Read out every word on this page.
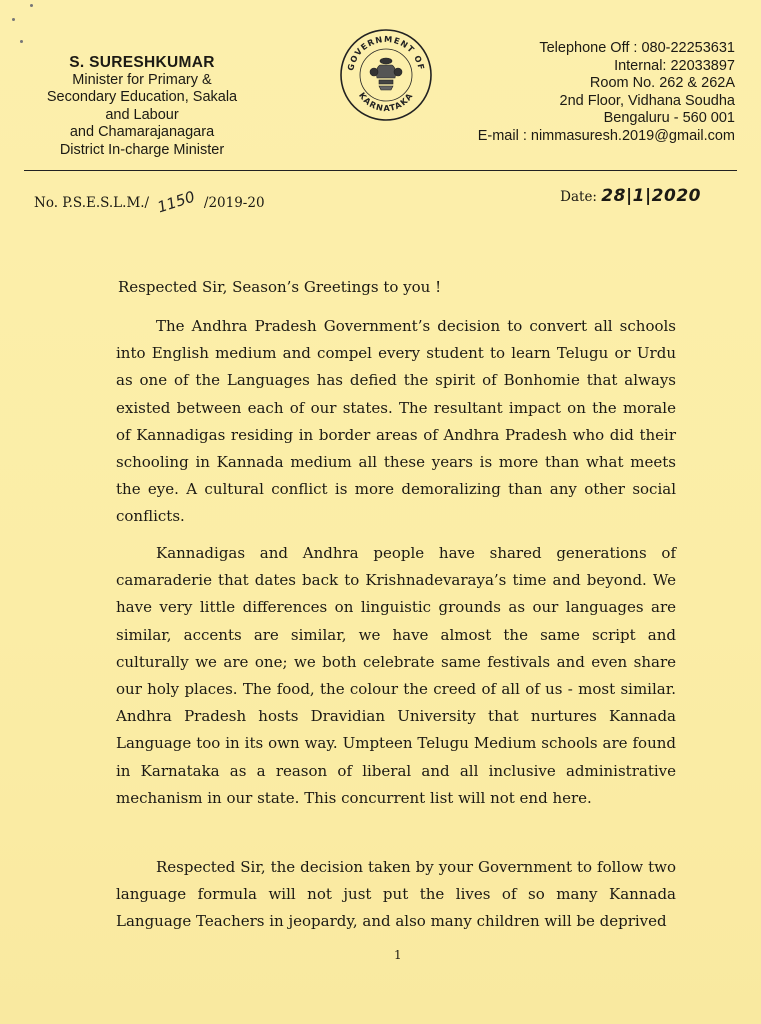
S. SURESHKUMAR
Minister for Primary &
Secondary Education, Sakala
and Labour
and Chamarajanagara
District In-charge Minister
GOVERNMENT OF
KARNATAKA
Telephone Off : 080-22253631
Internal: 22033897
Room No. 262 & 262A
2nd Floor, Vidhana Soudha
Bengaluru - 560 001
E-mail : nimmasuresh.2019@gmail.com
No. P.S.E.S.L.M./ 1150 /2019-20	Date: 28|1|2020
Respected Sir, Season’s Greetings to you !

The Andhra Pradesh Government’s decision to convert all schools into English medium and compel every student to learn Telugu or Urdu as one of the Languages has defied the spirit of Bonhomie that always existed between each of our states. The resultant impact on the morale of Kannadigas residing in border areas of Andhra Pradesh who did their schooling in Kannada medium all these years is more than what meets the eye. A cultural conflict is more demoralizing than any other social conflicts.

Kannadigas and Andhra people have shared generations of camaraderie that dates back to Krishnadevaraya’s time and beyond. We have very little differences on linguistic grounds as our languages are similar, accents are similar, we have almost the same script and culturally we are one; we both celebrate same festivals and even share our holy places. The food, the colour the creed of all of us - most similar. Andhra Pradesh hosts Dravidian University that nurtures Kannada Language too in its own way. Umpteen Telugu Medium schools are found in Karnataka as a reason of liberal and all inclusive administrative mechanism in our state. This concurrent list will not end here.

Respected Sir, the decision taken by your Government to follow two language formula will not just put the lives of so many Kannada Language Teachers in jeopardy, and also many children will be deprived

1
